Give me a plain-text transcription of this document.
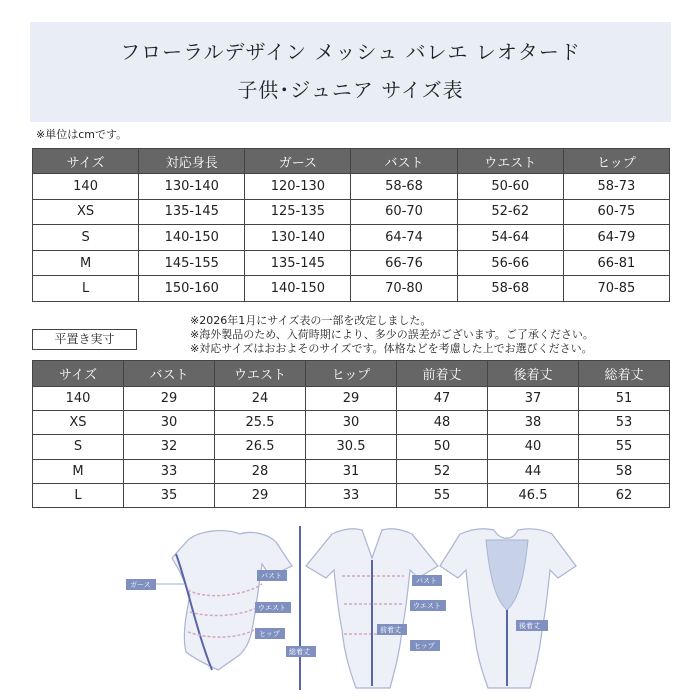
フローラルデザイン メッシュ バレエ レオタード
子供･ジュニア サイズ表
※単位はcmです。
サイズ	対応身長	ガース	バスト	ウエスト	ヒップ
140	130-140	120-130	58-68	50-60	58-73
XS	135-145	125-135	60-70	52-62	60-75
S	140-150	130-140	64-74	54-64	64-79
M	145-155	135-145	66-76	56-66	66-81
L	150-160	140-150	70-80	58-68	70-85
平置き実寸
※2026年1月にサイズ表の一部を改定しました。
※海外製品のため、入荷時期により、多少の誤差がございます。ご了承ください。
※対応サイズはおおよそのサイズです。体格などを考慮した上でお選びください。
サイズ	バスト	ウエスト	ヒップ	前着丈	後着丈	総着丈
140	29	24	29	47	37	51
XS	30	25.5	30	48	38	53
S	32	26.5	30.5	50	40	55
M	33	28	31	52	44	58
L	35	29	33	55	46.5	62
ガース
バスト
ウエスト
ヒップ
総着丈
バスト
ウエスト
ヒップ
前着丈	後着丈
